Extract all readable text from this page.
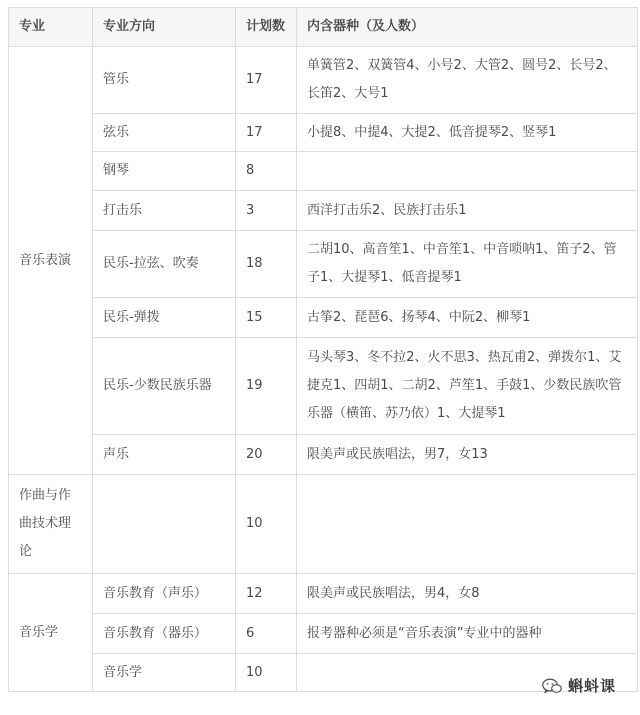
专业	专业方向	计划数	内含器种（及人数）
音乐表演	管乐	17	单簧管2、双簧管4、小号2、大管2、圆号2、长号2、长笛2、大号1
	弦乐	17	小提8、中提4、大提2、低音提琴2、竖琴1
	钢琴	8	
	打击乐	3	西洋打击乐2、民族打击乐1
	民乐-拉弦、吹奏	18	二胡10、高音笙1、中音笙1、中音唢呐1、笛子2、管子1、大提琴1、低音提琴1
	民乐-弹拨	15	古筝2、琵琶6、扬琴4、中阮2、柳琴1
	民乐-少数民族乐器	19	马头琴3、冬不拉2、火不思3、热瓦甫2、弹拨尔1、艾捷克1、四胡1、二胡2、芦笙1、手鼓1、少数民族吹管乐器（横笛、苏乃依）1、大提琴1
	声乐	20	限美声或民族唱法，男7，女13
作曲与作曲技术理论		10	
音乐学	音乐教育（声乐）	12	限美声或民族唱法，男4，女8
	音乐教育（器乐）	6	报考器种必须是“音乐表演”专业中的器种
	音乐学	10	
蝌蚪课
